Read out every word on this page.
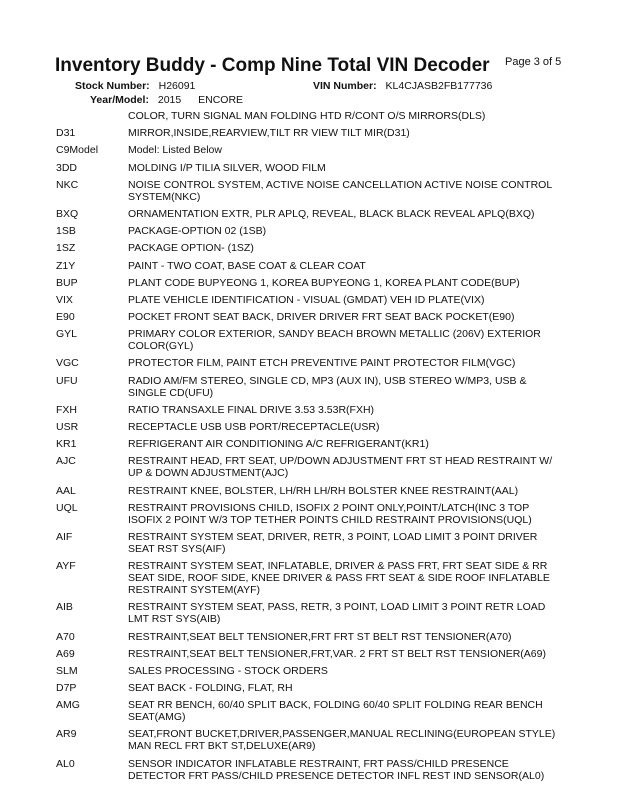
Inventory Buddy - Comp Nine Total VIN Decoder Page 3 of 5
Stock Number: H26091	VIN Number: KL4CJASB2FB177736
Year/Model: 2015 ENCORE
COLOR, TURN SIGNAL MAN FOLDING HTD R/CONT O/S MIRRORS(DLS)
D31	MIRROR,INSIDE,REARVIEW,TILT RR VIEW TILT MIR(D31)
C9Model	Model: Listed Below
3DD	MOLDING I/P TILIA SILVER, WOOD FILM
NKC	NOISE CONTROL SYSTEM, ACTIVE NOISE CANCELLATION ACTIVE NOISE CONTROL SYSTEM(NKC)
BXQ	ORNAMENTATION EXTR, PLR APLQ, REVEAL, BLACK BLACK REVEAL APLQ(BXQ)
1SB	PACKAGE-OPTION 02 (1SB)
1SZ	PACKAGE OPTION- (1SZ)
Z1Y	PAINT - TWO COAT, BASE COAT & CLEAR COAT
BUP	PLANT CODE BUPYEONG 1, KOREA BUPYEONG 1, KOREA PLANT CODE(BUP)
VIX	PLATE VEHICLE IDENTIFICATION - VISUAL (GMDAT) VEH ID PLATE(VIX)
E90	POCKET FRONT SEAT BACK, DRIVER DRIVER FRT SEAT BACK POCKET(E90)
GYL	PRIMARY COLOR EXTERIOR, SANDY BEACH BROWN METALLIC (206V) EXTERIOR COLOR(GYL)
VGC	PROTECTOR FILM, PAINT ETCH PREVENTIVE PAINT PROTECTOR FILM(VGC)
UFU	RADIO AM/FM STEREO, SINGLE CD, MP3 (AUX IN), USB STEREO W/MP3, USB & SINGLE CD(UFU)
FXH	RATIO TRANSAXLE FINAL DRIVE 3.53 3.53R(FXH)
USR	RECEPTACLE USB USB PORT/RECEPTACLE(USR)
KR1	REFRIGERANT AIR CONDITIONING A/C REFRIGERANT(KR1)
AJC	RESTRAINT HEAD, FRT SEAT, UP/DOWN ADJUSTMENT FRT ST HEAD RESTRAINT W/ UP & DOWN ADJUSTMENT(AJC)
AAL	RESTRAINT KNEE, BOLSTER, LH/RH LH/RH BOLSTER KNEE RESTRAINT(AAL)
UQL	RESTRAINT PROVISIONS CHILD, ISOFIX 2 POINT ONLY,POINT/LATCH(INC 3 TOP ISOFIX 2 POINT W/3 TOP TETHER POINTS CHILD RESTRAINT PROVISIONS(UQL)
AIF	RESTRAINT SYSTEM SEAT, DRIVER, RETR, 3 POINT, LOAD LIMIT 3 POINT DRIVER SEAT RST SYS(AIF)
AYF	RESTRAINT SYSTEM SEAT, INFLATABLE, DRIVER & PASS FRT, FRT SEAT SIDE & RR SEAT SIDE, ROOF SIDE, KNEE DRIVER & PASS FRT SEAT & SIDE ROOF INFLATABLE RESTRAINT SYSTEM(AYF)
AIB	RESTRAINT SYSTEM SEAT, PASS, RETR, 3 POINT, LOAD LIMIT 3 POINT RETR LOAD LMT RST SYS(AIB)
A70	RESTRAINT,SEAT BELT TENSIONER,FRT FRT ST BELT RST TENSIONER(A70)
A69	RESTRAINT,SEAT BELT TENSIONER,FRT,VAR. 2 FRT ST BELT RST TENSIONER(A69)
SLM	SALES PROCESSING - STOCK ORDERS
D7P	SEAT BACK - FOLDING, FLAT, RH
AMG	SEAT RR BENCH, 60/40 SPLIT BACK, FOLDING 60/40 SPLIT FOLDING REAR BENCH SEAT(AMG)
AR9	SEAT,FRONT BUCKET,DRIVER,PASSENGER,MANUAL RECLINING(EUROPEAN STYLE) MAN RECL FRT BKT ST,DELUXE(AR9)
AL0	SENSOR INDICATOR INFLATABLE RESTRAINT, FRT PASS/CHILD PRESENCE DETECTOR FRT PASS/CHILD PRESENCE DETECTOR INFL REST IND SENSOR(AL0)
